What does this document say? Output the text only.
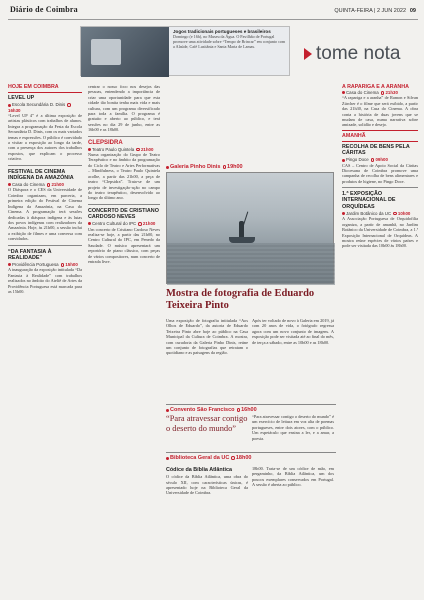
Diário de Coimbra	QUINTA-FEIRA | 2 JUN 2022 09
Jogos tradicionais portugueses e brasileiros
Domingo (e 16h), no Museu da Água. O Pavilhão de Portugal promove uma atividade sobre “Tempo de Brincar” em conjunto com a Alaúde, Café Lusitânia e Santa Maria de Lamas.	tome nota
HOJE EM COIMBRA
LEVEL UP
Escola Secundária D. Dinis 16h30
“Level UP 4” é a última exposição de artistas plásticos com trabalhos de alunos. Integra a programação da Festa da Escola Secundária D. Dinis, com os mais variados temas e expressões. O público é convidado a visitar a exposição ao longo da tarde, com a presença dos autores dos trabalhos expostos, que explicam o processo criativo.
FESTIVAL DE CINEMA INDÍGENA DA AMAZÓNIA
Casa do Cinema 21h00
O Diáspora e o CES da Universidade de Coimbra organizam, em parceria, a primeira edição do Festival de Cinema Indígena da Amazónia, na Casa do Cinema. A programação terá sessões dedicadas à diáspora indígena e às lutas dos povos indígenas com realizadores da Amazónia. Hoje, às 21h00, a sessão inclui a exibição de filmes e uma conversa com convidados.
“DA FANTASIA À REALIDADE”
Providência Portuguesa 15h00
A inauguração da exposição intitulada “Da Fantasia à Realidade” com trabalhos realizados no âmbito do Ateliê de Artes da Providência Portuguesa está marcada para as 15h00.
centrar o nosso foco nos desejos das pessoas, entendendo a importância de criar uma oportunidade para que esta cidade tão bonita tenha mais vida e mais cultura, com um programa diversificado para toda a família. O programa é gratuito e aberto ao público, e terá sessões no dia 29 de junho, entre as 16h00 e as 18h00.
CLEPSIDRA
Teatro Paulo Quintela 21h00
Numa organização do Grupo de Teatro Terapêutico e no âmbito da programação do Ciclo de Teatro e Artes Performativas – Mindfulness, o Teatro Paulo Quintela acolhe, a partir das 21h00, a peça de teatro “Clepsidra”. Trata-se de um projeto de investigação-ação no campo do teatro terapêutico, desenvolvido ao longo do último ano.
CONCERTO DE CRISTIANO CARDOSO NEVES
Centro Cultural do IPC 21h00
Um concerto de Cristiano Cardoso Neves realiza-se hoje, a partir das 21h00, no Centro Cultural do IPC, em Penedo da Saudade. O músico apresentará um reportório de piano clássico, com peças de vários compositores, num concerto de entrada livre.
Galeria Pinho Dinis 19h00
Mostra de fotografia de Eduardo Teixeira Pinto
Uma exposição de fotografia intitulada “Aos Olhos de Eduardo”, da autoria de Eduardo Teixeira Pinto abre hoje ao público na Casa Municipal da Cultura de Coimbra. A mostra, com curadoria da Galeria Pinho Dinis, reúne um conjunto de fotografias que retratam o quotidiano e as paisagens da região.
Após ter voltado de novo à Galeria em 2019, já com 20 anos de vida, o fotógrafo regressa agora com um novo conjunto de imagens. A exposição pode ser visitada até ao final do mês, de terça a sábado, entre as 10h00 e as 18h00.
Convento São Francisco 16h00
“Para atravessar contigo o deserto do mundo”
“Para atravessar contigo o deserto do mundo” é um exercício de leitura em voz alta de poemas portugueses, entre dois atores, com o público. Um espetáculo que ensina a ler, e a amar, a poesia.
Biblioteca Geral da UC 18h00
Códice da Bíblia Atlântica
O códice da Bíblia Atlântica, uma obra do século XII, com características únicas, é apresentado hoje na Biblioteca Geral da Universidade de Coimbra.
18h00. Trata-se de um códice de mão, em pergaminho, da Bíblia Atlântica, um dos poucos exemplares conservados em Portugal. A sessão é aberta ao público.
A RAPARIGA E A ARANHA
Casa do Cinema 21h30
“A rapariga e a aranha” de Ramon e Silvan Zürcher é o filme que será exibido, a partir das 21h30, na Casa do Cinema. A obra conta a história de duas jovens que se mudam de casa, numa narrativa sobre amizade, solidão e desejo.
AMANHÃ
RECOLHA DE BENS PELA CÁRITAS
Pingo Doce 09h00
CAS – Centro de Apoio Social da Cáritas Diocesana de Coimbra promove uma campanha de recolha de bens alimentares e produtos de higiene, no Pingo Doce.
1.ª EXPOSIÇÃO INTERNACIONAL DE ORQUÍDEAS
Jardim Botânico da UC 10h00
A Associação Portuguesa de Orquidofilia organiza, a partir de amanhã, no Jardim Botânico da Universidade de Coimbra, a 1.ª Exposição Internacional de Orquídeas. A mostra reúne espécies de vários países e pode ser visitada das 10h00 às 18h00.
